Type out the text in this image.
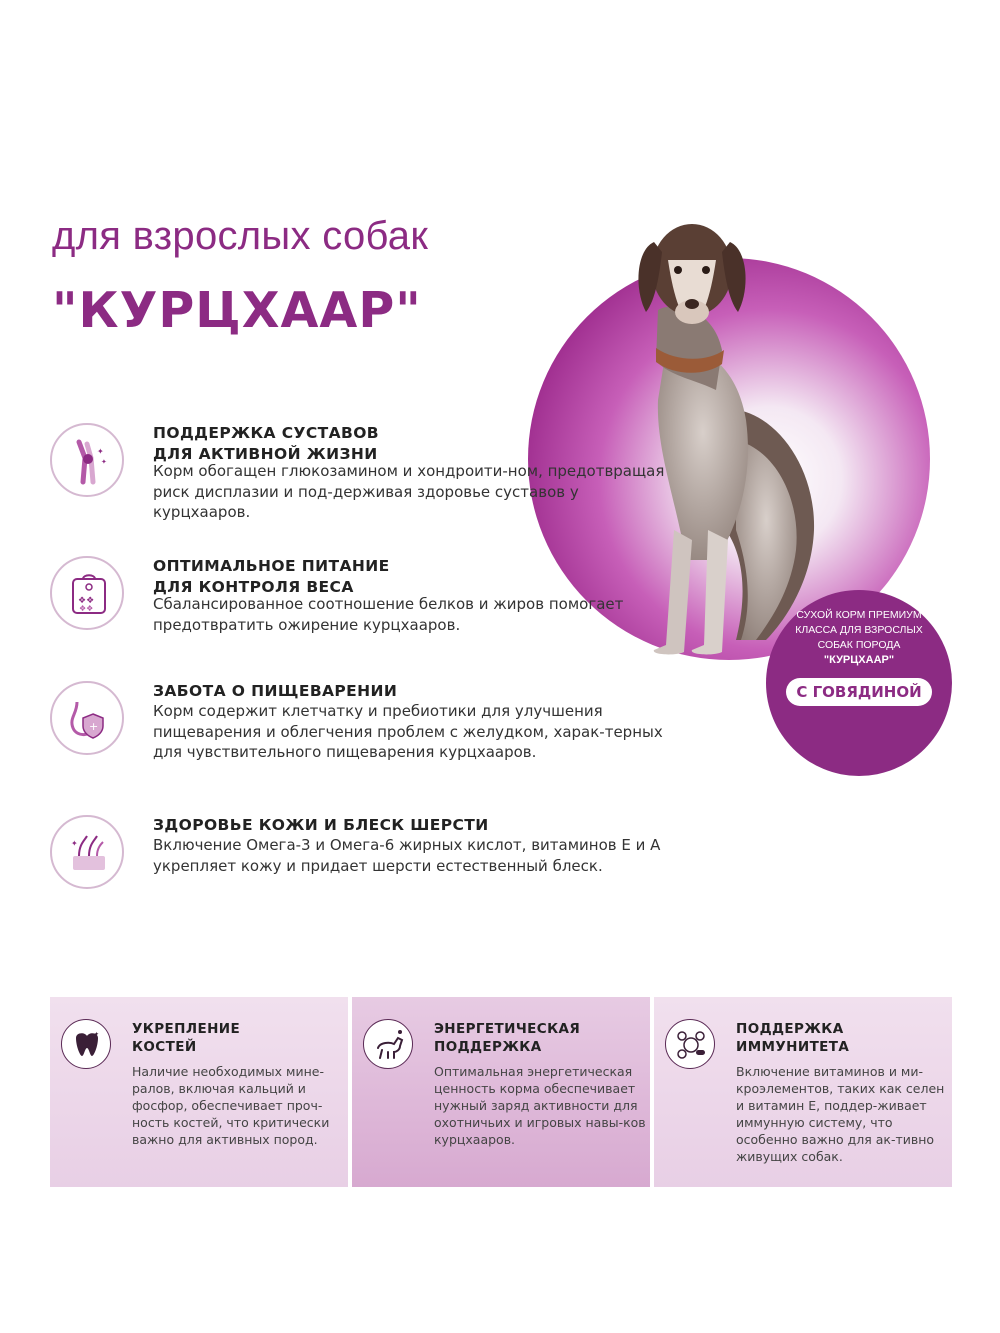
для взрослых собак
"КУРЦХААР"
СУХОЙ КОРМ ПРЕМИУМ КЛАССА ДЛЯ ВЗРОСЛЫХ СОБАК ПОРОДА
"КУРЦХААР"
С ГОВЯДИНОЙ
✦
✦
ПОДДЕРЖКА СУСТАВОВ
ДЛЯ АКТИВНОЙ ЖИЗНИ
Корм обогащен глюкозамином и хондроити-ном, предотвращая риск дисплазии и под-держивая здоровье суставов у курцхааров.
❖❖
❖❖
ОПТИМАЛЬНОЕ ПИТАНИЕ
ДЛЯ КОНТРОЛЯ ВЕСА
Сбалансированное соотношение белков и жиров помогает предотвратить ожирение курцхааров.
+
ЗАБОТА О ПИЩЕВАРЕНИИ
Корм содержит клетчатку и пребиотики для улучшения пищеварения и облегчения проблем с желудком, харак-терных для чувствительного пищеварения курцхааров.
✦
ЗДОРОВЬЕ КОЖИ И БЛЕСК ШЕРСТИ
Включение Омега-3 и Омега-6 жирных кислот, витаминов Е и А укрепляет кожу и придает шерсти естественный блеск.
✦ УКРЕПЛЕНИЕ
КОСТЕЙ
Наличие необходимых мине-ралов, включая кальций и фосфор, обеспечивает проч-ность костей, что критически важно для активных пород.
ЭНЕРГЕТИЧЕСКАЯ
ПОДДЕРЖКА
Оптимальная энергетическая ценность корма обеспечивает нужный заряд активности для охотничьих и игровых навы-ков курцхааров.
ПОДДЕРЖКА
ИММУНИТЕТА
Включение витаминов и ми-кроэлементов, таких как селен и витамин Е, поддер-живает иммунную систему, что особенно важно для ак-тивно живущих собак.
